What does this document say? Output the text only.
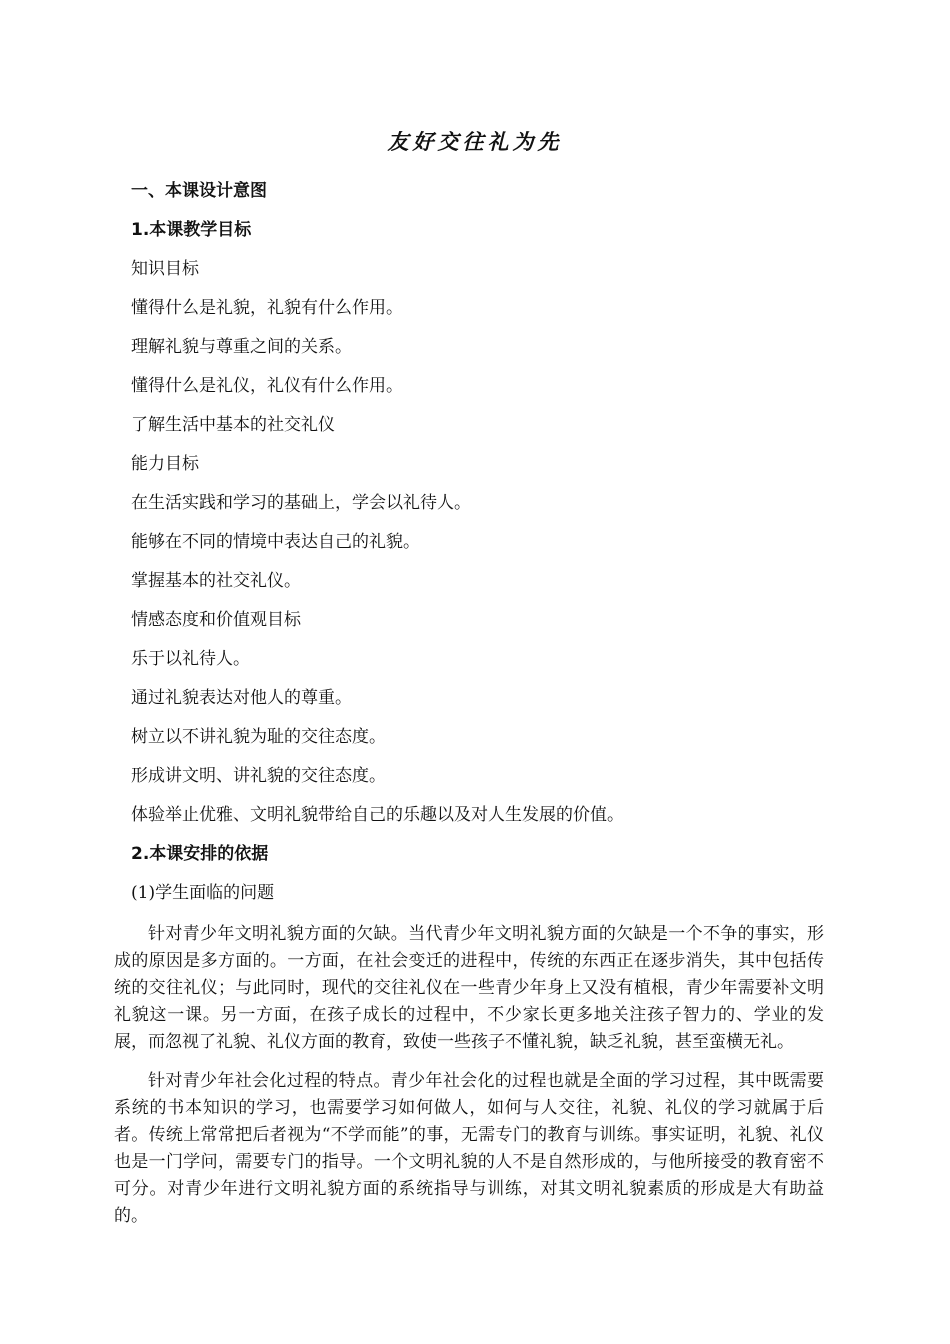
友好交往礼为先
一、本课设计意图
1.本课教学目标
知识目标
懂得什么是礼貌，礼貌有什么作用。
理解礼貌与尊重之间的关系。
懂得什么是礼仪，礼仪有什么作用。
了解生活中基本的社交礼仪
能力目标
在生活实践和学习的基础上，学会以礼待人。
能够在不同的情境中表达自己的礼貌。
掌握基本的社交礼仪。
情感态度和价值观目标
乐于以礼待人。
通过礼貌表达对他人的尊重。
树立以不讲礼貌为耻的交往态度。
形成讲文明、讲礼貌的交往态度。
体验举止优雅、文明礼貌带给自己的乐趣以及对人生发展的价值。
2.本课安排的依据
(1)学生面临的问题

针对青少年文明礼貌方面的欠缺。当代青少年文明礼貌方面的欠缺是一个不争的事实，形成的原因是多方面的。一方面，在社会变迁的进程中，传统的东西正在逐步消失，其中包括传统的交往礼仪；与此同时，现代的交往礼仪在一些青少年身上又没有植根，青少年需要补文明礼貌这一课。另一方面，在孩子成长的过程中，不少家长更多地关注孩子智力的、学业的发展，而忽视了礼貌、礼仪方面的教育，致使一些孩子不懂礼貌，缺乏礼貌，甚至蛮横无礼。

针对青少年社会化过程的特点。青少年社会化的过程也就是全面的学习过程，其中既需要系统的书本知识的学习，也需要学习如何做人，如何与人交往，礼貌、礼仪的学习就属于后者。传统上常常把后者视为“不学而能”的事，无需专门的教育与训练。事实证明，礼貌、礼仪也是一门学问，需要专门的指导。一个文明礼貌的人不是自然形成的，与他所接受的教育密不可分。对青少年进行文明礼貌方面的系统指导与训练，对其文明礼貌素质的形成是大有助益的。
